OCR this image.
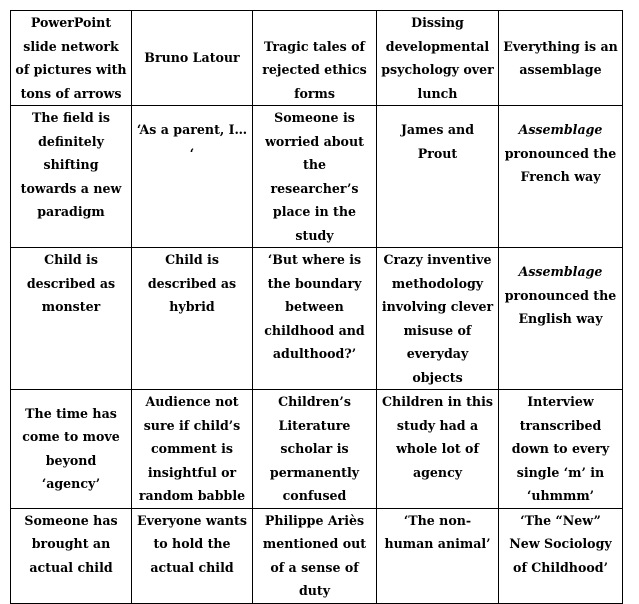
PowerPoint slide network of pictures with tons of arrows	Bruno Latour	Tragic tales of rejected ethics forms	Dissing developmental psychology over lunch	Everything is an assemblage
The field is definitely shifting towards a new paradigm	‘As a parent, I… ‘	Someone is worried about the researcher’s place in the study	James and Prout	Assemblage pronounced the French way
Child is described as monster	Child is described as hybrid	‘But where is the boundary between childhood and adulthood?’	Crazy inventive methodology involving clever misuse of everyday objects	Assemblage pronounced the English way
The time has come to move beyond ‘agency’	Audience not sure if child’s comment is insightful or random babble	Children’s Literature scholar is permanently confused	Children in this study had a whole lot of agency	Interview transcribed down to every single ‘m’ in ‘uhmmm’
Someone has brought an actual child	Everyone wants to hold the actual child	Philippe Ariès mentioned out of a sense of duty	‘The non-human animal’	‘The “New” New Sociology of Childhood’
